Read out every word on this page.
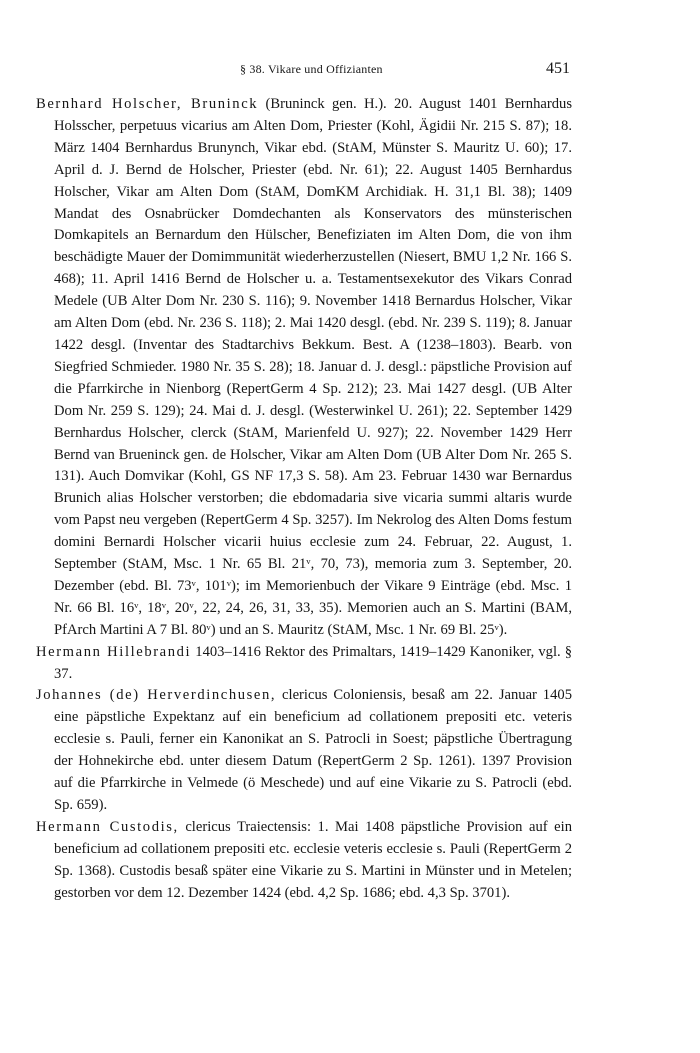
§ 38. Vikare und Offizianten	451

Bernhard Holscher, Bruninck (Bruninck gen. H.). 20. August 1401 Bernhardus Holsscher, perpetuus vicarius am Alten Dom, Priester (Kohl, Ägidii Nr. 215 S. 87); 18. März 1404 Bernhardus Brunynch, Vikar ebd. (StAM, Münster S. Mauritz U. 60); 17. April d. J. Bernd de Holscher, Priester (ebd. Nr. 61); 22. August 1405 Bernhardus Holscher, Vikar am Alten Dom (StAM, DomKM Archidiak. H. 31,1 Bl. 38); 1409 Mandat des Osnabrücker Domdechanten als Konservators des münsterischen Domkapitels an Bernardum den Hülscher, Benefiziaten im Alten Dom, die von ihm beschädigte Mauer der Domimmunität wiederherzustellen (Niesert, BMU 1,2 Nr. 166 S. 468); 11. April 1416 Bernd de Holscher u. a. Testamentsexekutor des Vikars Conrad Medele (UB Alter Dom Nr. 230 S. 116); 9. November 1418 Bernardus Holscher, Vikar am Alten Dom (ebd. Nr. 236 S. 118); 2. Mai 1420 desgl. (ebd. Nr. 239 S. 119); 8. Januar 1422 desgl. (Inventar des Stadtarchivs Bekkum. Best. A (1238–1803). Bearb. von Siegfried Schmieder. 1980 Nr. 35 S. 28); 18. Januar d. J. desgl.: päpstliche Provision auf die Pfarrkirche in Nienborg (RepertGerm 4 Sp. 212); 23. Mai 1427 desgl. (UB Alter Dom Nr. 259 S. 129); 24. Mai d. J. desgl. (Westerwinkel U. 261); 22. September 1429 Bernhardus Holscher, clerck (StAM, Marienfeld U. 927); 22. November 1429 Herr Bernd van Brueninck gen. de Holscher, Vikar am Alten Dom (UB Alter Dom Nr. 265 S. 131). Auch Domvikar (Kohl, GS NF 17,3 S. 58). Am 23. Februar 1430 war Bernardus Brunich alias Holscher verstorben; die ebdomadaria sive vicaria summi altaris wurde vom Papst neu vergeben (RepertGerm 4 Sp. 3257). Im Nekrolog des Alten Doms festum domini Bernardi Holscher vicarii huius ecclesie zum 24. Februar, 22. August, 1. September (StAM, Msc. 1 Nr. 65 Bl. 21ᵛ, 70, 73), memoria zum 3. September, 20. Dezember (ebd. Bl. 73ᵛ, 101ᵛ); im Memorienbuch der Vikare 9 Einträge (ebd. Msc. 1 Nr. 66 Bl. 16ᵛ, 18ᵛ, 20ᵛ, 22, 24, 26, 31, 33, 35). Memorien auch an S. Martini (BAM, PfArch Martini A 7 Bl. 80ᵛ) und an S. Mauritz (StAM, Msc. 1 Nr. 69 Bl. 25ᵛ).

Hermann Hillebrandi 1403–1416 Rektor des Primaltars, 1419–1429 Kanoniker, vgl. § 37.

Johannes (de) Herverdinchusen, clericus Coloniensis, besaß am 22. Januar 1405 eine päpstliche Expektanz auf ein beneficium ad collationem prepositi etc. veteris ecclesie s. Pauli, ferner ein Kanonikat an S. Patrocli in Soest; päpstliche Übertragung der Hohnekirche ebd. unter diesem Datum (RepertGerm 2 Sp. 1261). 1397 Provision auf die Pfarrkirche in Velmede (ö Meschede) und auf eine Vikarie zu S. Patrocli (ebd. Sp. 659).

Hermann Custodis, clericus Traiectensis: 1. Mai 1408 päpstliche Provision auf ein beneficium ad collationem prepositi etc. ecclesie veteris ecclesie s. Pauli (RepertGerm 2 Sp. 1368). Custodis besaß später eine Vikarie zu S. Martini in Münster und in Metelen; gestorben vor dem 12. Dezember 1424 (ebd. 4,2 Sp. 1686; ebd. 4,3 Sp. 3701).
